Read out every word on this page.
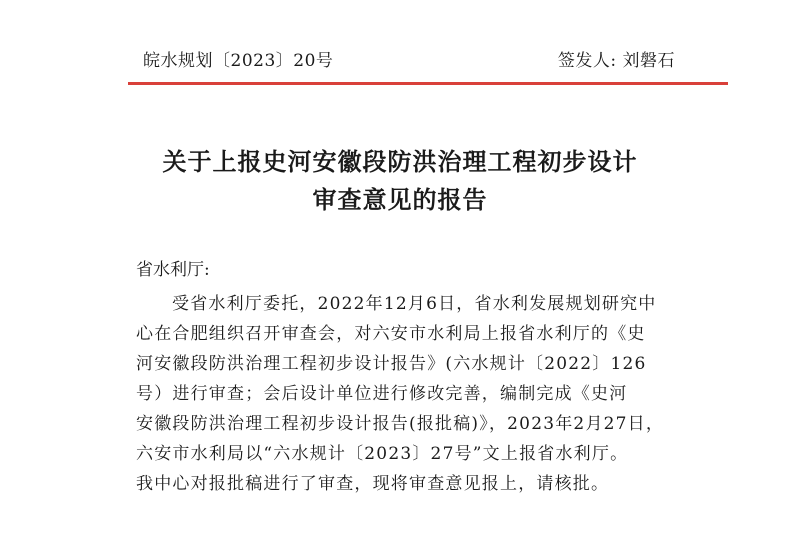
皖水规划〔2023〕20号	签发人: 刘磐石
关于上报史河安徽段防洪治理工程初步设计
审查意见的报告
省水利厅:
受省水利厅委托，2022年12月6日，省水利发展规划研究中
心在合肥组织召开审查会，对六安市水利局上报省水利厅的《史
河安徽段防洪治理工程初步设计报告》(六水规计〔2022〕126
号）进行审查；会后设计单位进行修改完善，编制完成《史河
安徽段防洪治理工程初步设计报告(报批稿)》，2023年2月27日，
六安市水利局以“六水规计〔2023〕27号”文上报省水利厅。
我中心对报批稿进行了审查，现将审查意见报上，请核批。
